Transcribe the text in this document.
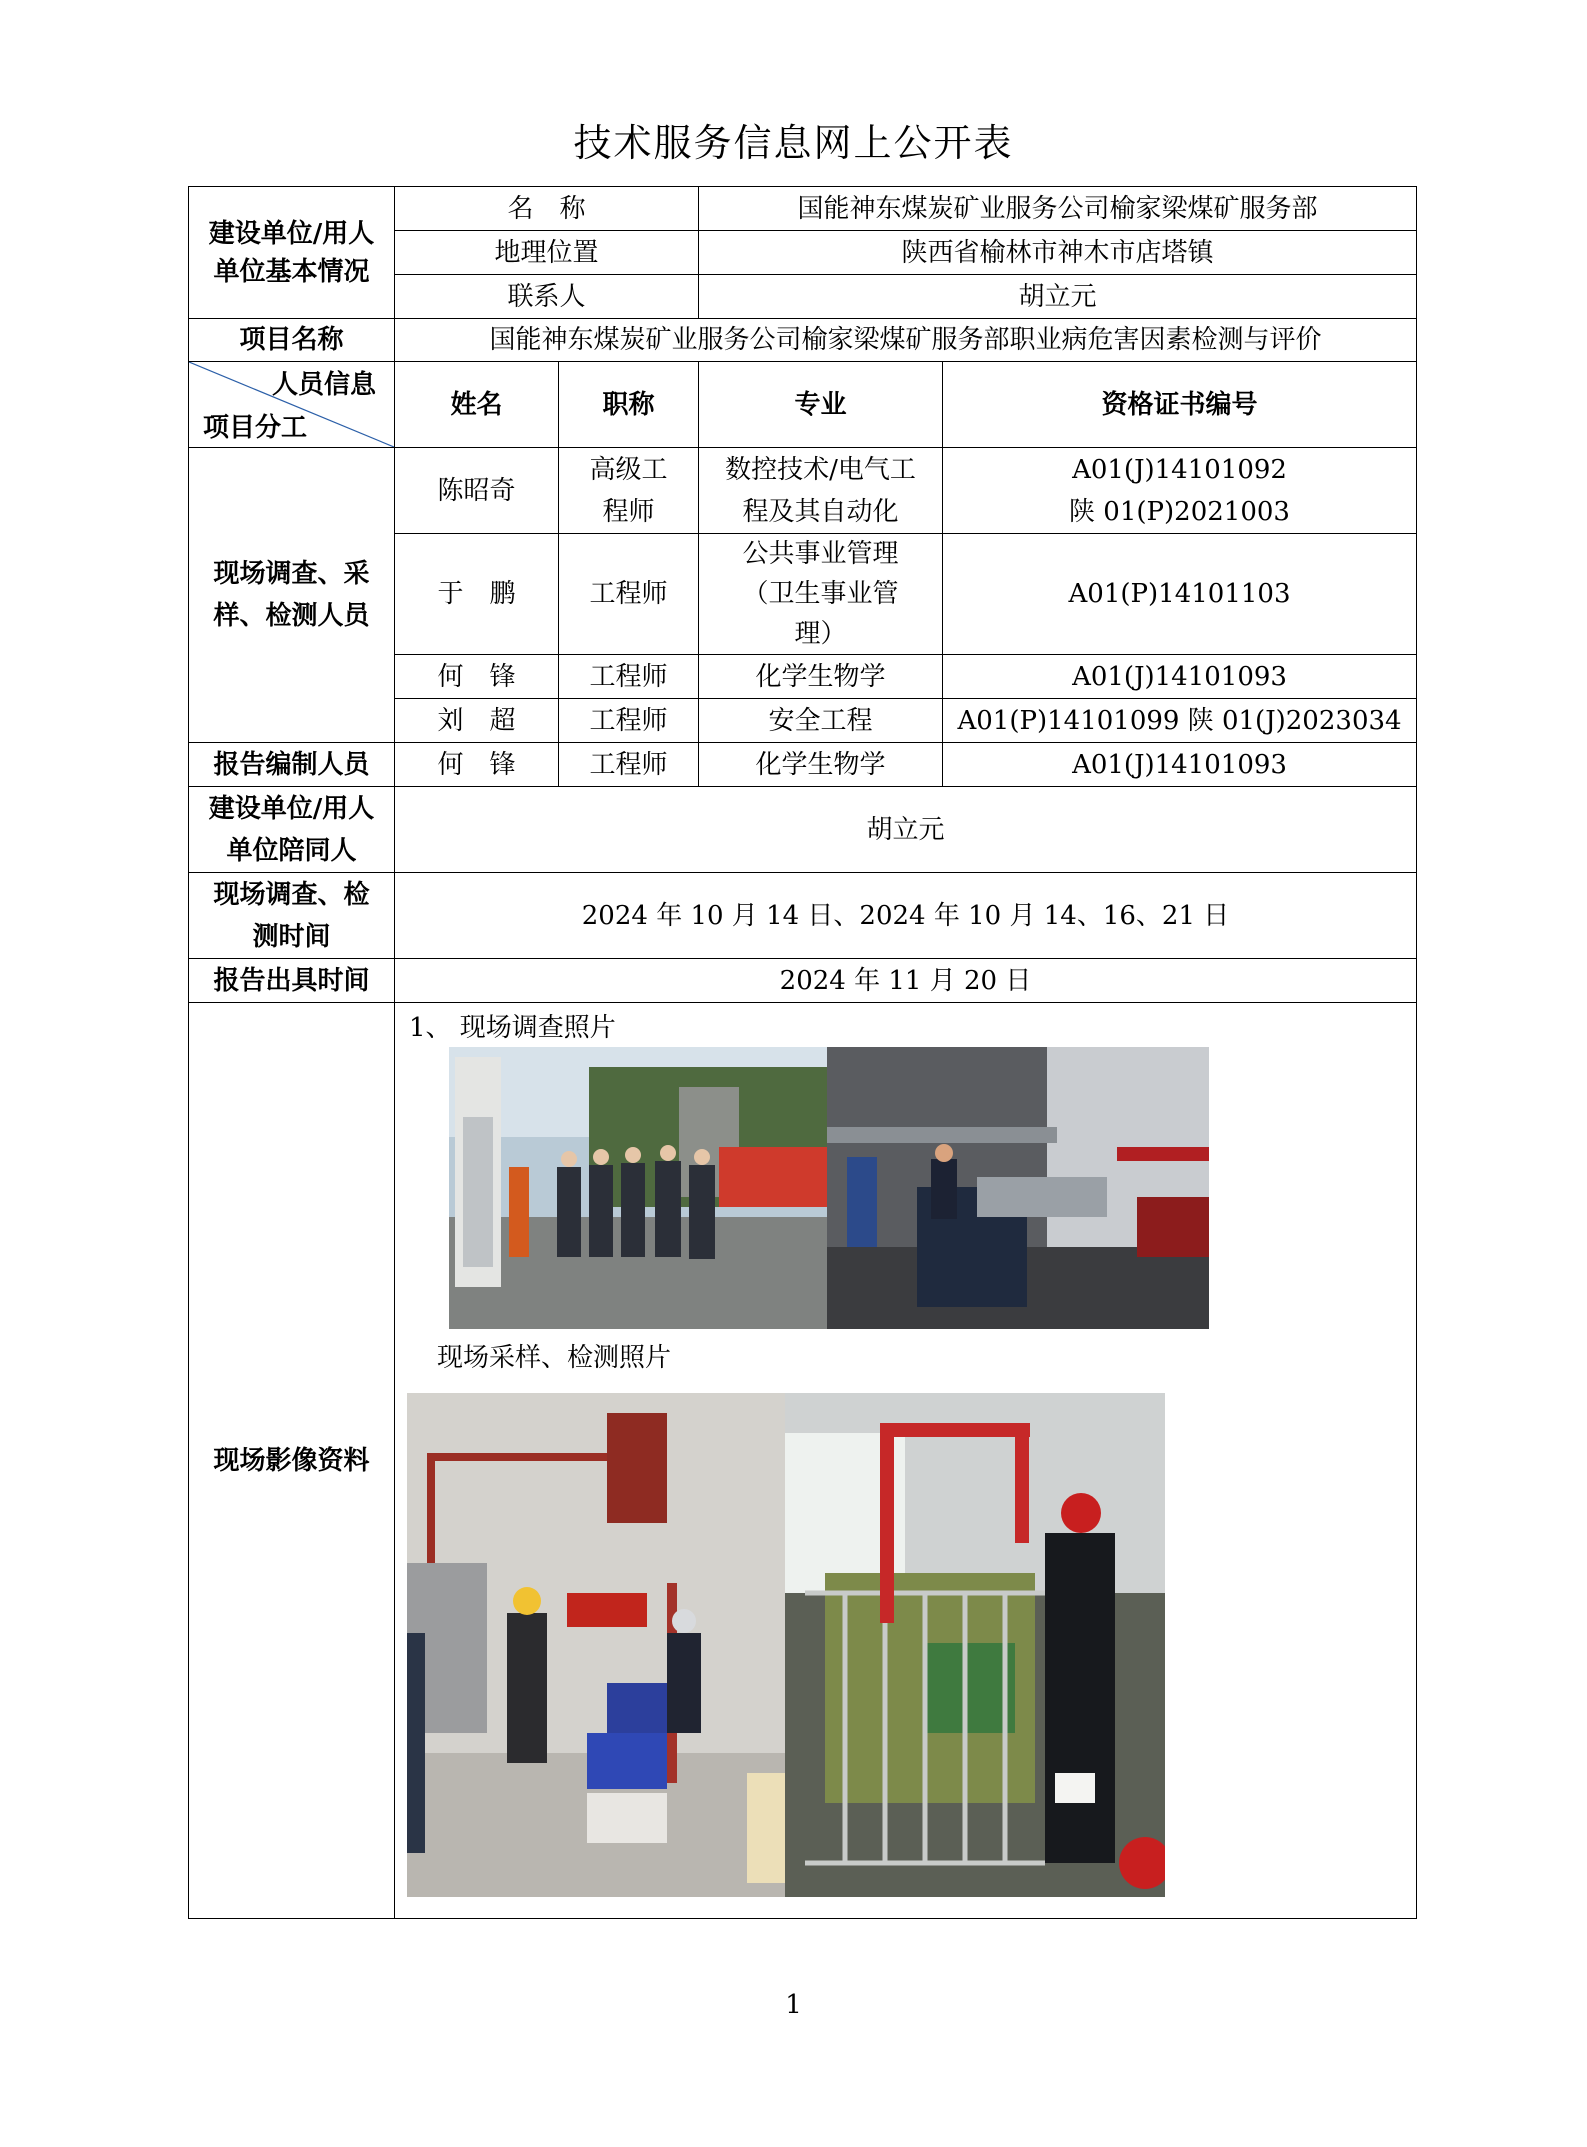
技术服务信息网上公开表
建设单位/用人单位基本情况	名　称		国能神东煤炭矿业服务公司榆家梁煤矿服务部	
	地理位置		陕西省榆林市神木市店塔镇	
	联系人		胡立元	
项目名称	国能神东煤炭矿业服务公司榆家梁煤矿服务部职业病危害因素检测与评价			

人员信息
项目分工	姓名	职称	专业	资格证书编号
现场调查、采样、检测人员	陈昭奇	高级工程师	数控技术/电气工程及其自动化	A01(J)14101092
陕 01(P)2021003

	于　鹏	工程师	公共事业管理（卫生事业管理）	A01(P)14101103
	何　锋	工程师	化学生物学	A01(J)14101093
	刘　超	工程师	安全工程	A01(P)14101099 陕 01(J)2023034
报告编制人员	何　锋	工程师	化学生物学	A01(J)14101093
建设单位/用人单位陪同人	胡立元			
现场调查、检测时间	2024 年 10 月 14 日、2024 年 10 月 14、16、21 日			
报告出具时间	2024 年 11 月 20 日			
现场影像资料	1、 现场调查照片
现场采样、检测照片			
1
